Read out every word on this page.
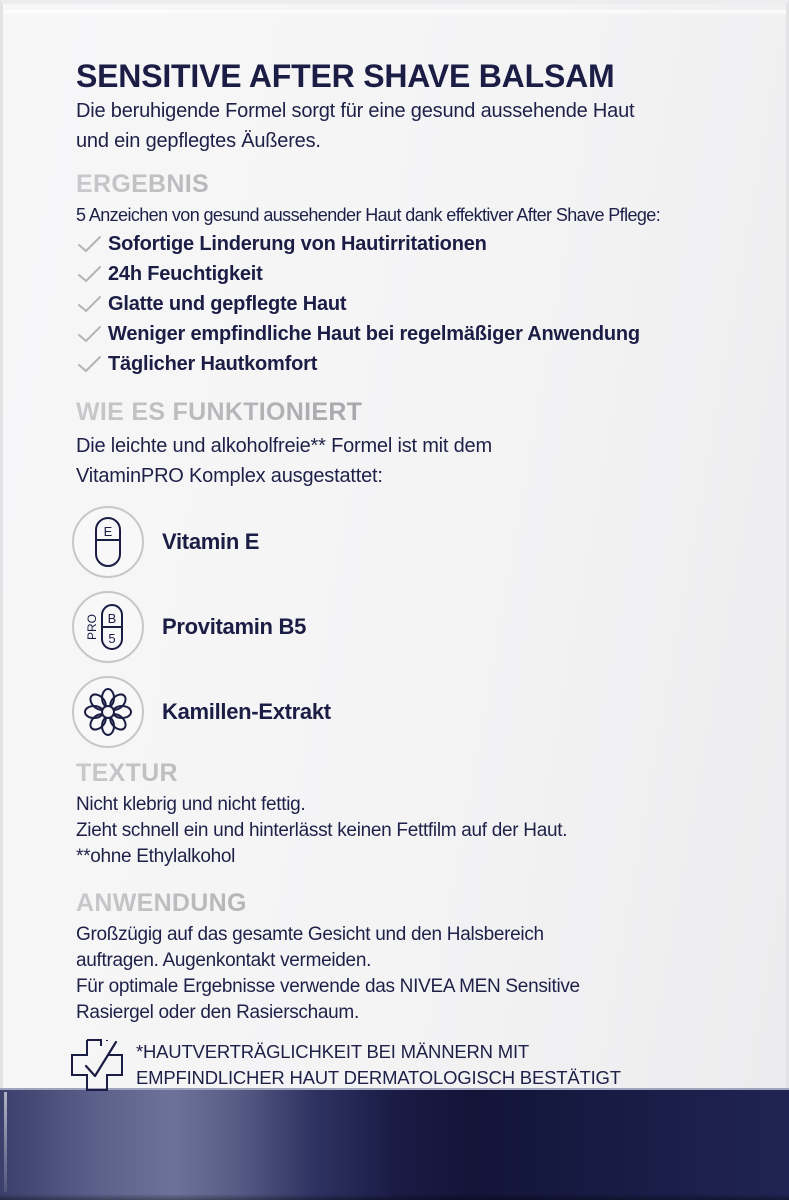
SENSITIVE AFTER SHAVE BALSAM

Die beruhigende Formel sorgt für eine gesund aussehende Haut
und ein gepflegtes Äußeres.

ERGEBNIS

5 Anzeichen von gesund aussehender Haut dank effektiver After Shave Pflege:

Sofortige Linderung von Hautirritationen
24h Feuchtigkeit
Glatte und gepflegte Haut
Weniger empfindliche Haut bei regelmäßiger Anwendung
Täglicher Hautkomfort
WIE ES FUNKTIONIERT

Die leichte und alkoholfreie** Formel ist mit dem
VitaminPRO Komplex ausgestattet:

E Vitamin E
PRO B
5 Provitamin B5
Kamillen-Extrakt
TEXTUR

Nicht klebrig und nicht fettig.
Zieht schnell ein und hinterlässt keinen Fettfilm auf der Haut.
**ohne Ethylalkohol

ANWENDUNG

Großzügig auf das gesamte Gesicht und den Halsbereich
auftragen. Augenkontakt vermeiden.
Für optimale Ergebnisse verwende das NIVEA MEN Sensitive
Rasiergel oder den Rasierschaum.

*HAUTVERTRÄGLICHKEIT BEI MÄNNERN MIT
EMPFINDLICHER HAUT DERMATOLOGISCH BESTÄTIGT
